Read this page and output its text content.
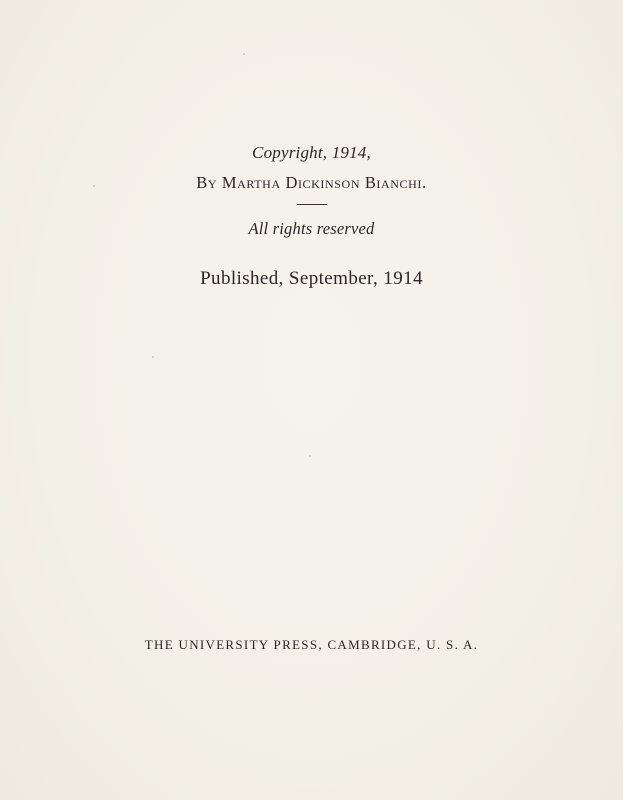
Copyright, 1914,
By Martha Dickinson Bianchi.
All rights reserved
Published, September, 1914
THE UNIVERSITY PRESS, CAMBRIDGE, U. S. A.
